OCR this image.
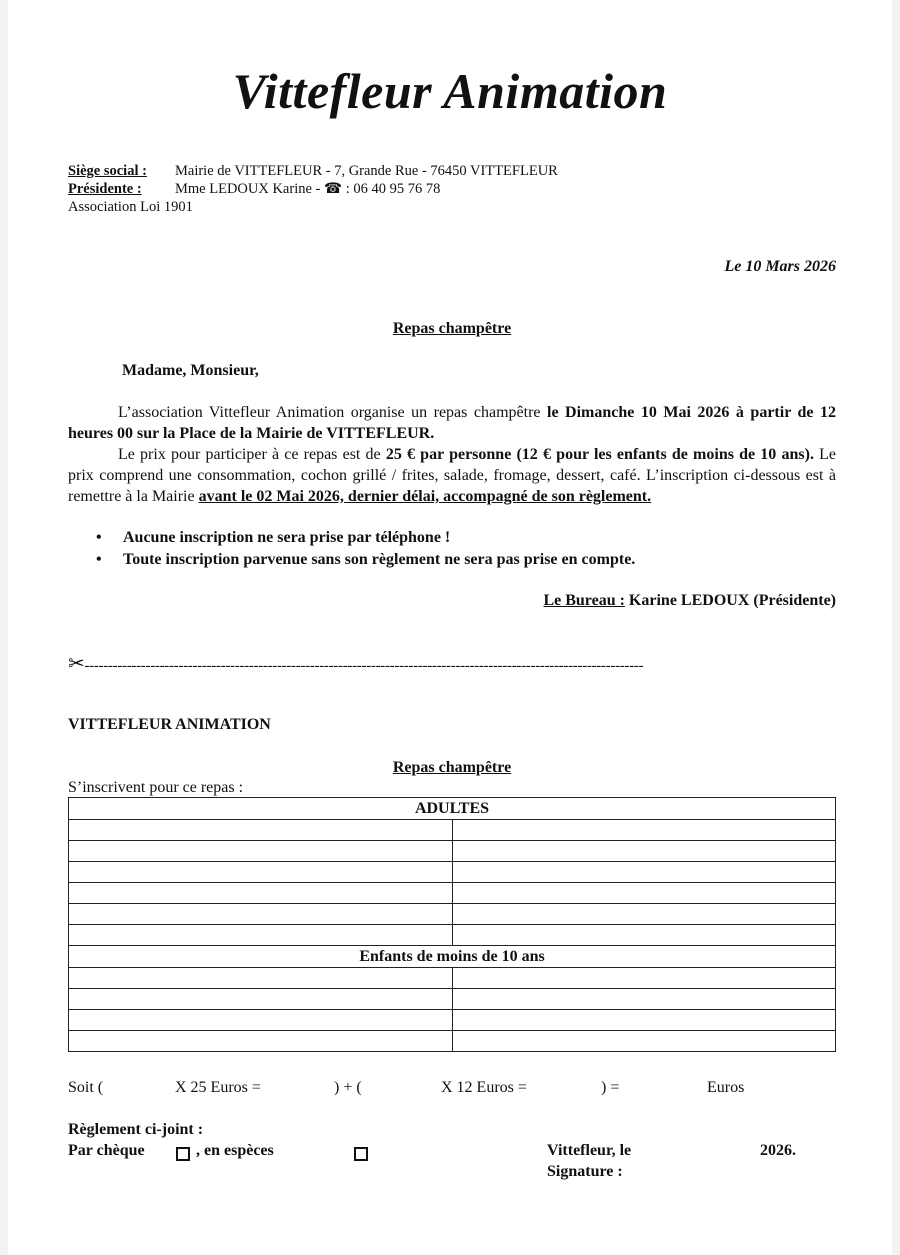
Vittefleur Animation
Siège social : Mairie de VITTEFLEUR - 7, Grande Rue - 76450 VITTEFLEUR
Présidente : Mme LEDOUX Karine - ☎ : 06 40 95 76 78
Association Loi 1901
Le 10 Mars 2026
Repas champêtre
Madame, Monsieur,

L’association Vittefleur Animation organise un repas champêtre le Dimanche 10 Mai 2026 à partir de 12 heures 00 sur la Place de la Mairie de VITTEFLEUR.

Le prix pour participer à ce repas est de 25 € par personne (12 € pour les enfants de moins de 10 ans). Le prix comprend une consommation, cochon grillé / frites, salade, fromage, dessert, café. L’inscription ci-dessous est à remettre à la Mairie avant le 02 Mai 2026, dernier délai, accompagné de son règlement.

• Aucune inscription ne sera prise par téléphone !
• Toute inscription parvenue sans son règlement ne sera pas prise en compte.
Le Bureau : Karine LEDOUX (Présidente)
✂-----------------------------------------------------------------------------------------------------------------------
VITTEFLEUR ANIMATION
Repas champêtre
S’inscrivent pour ce repas :
ADULTES	

Enfants de moins de 10 ans	

Soit (	X 25 Euros =	) + (	X 12 Euros =	) =	Euros
Règlement ci-joint :
Par chèque
	, en espèces	Vittefleur, le	2026.
Signature :
